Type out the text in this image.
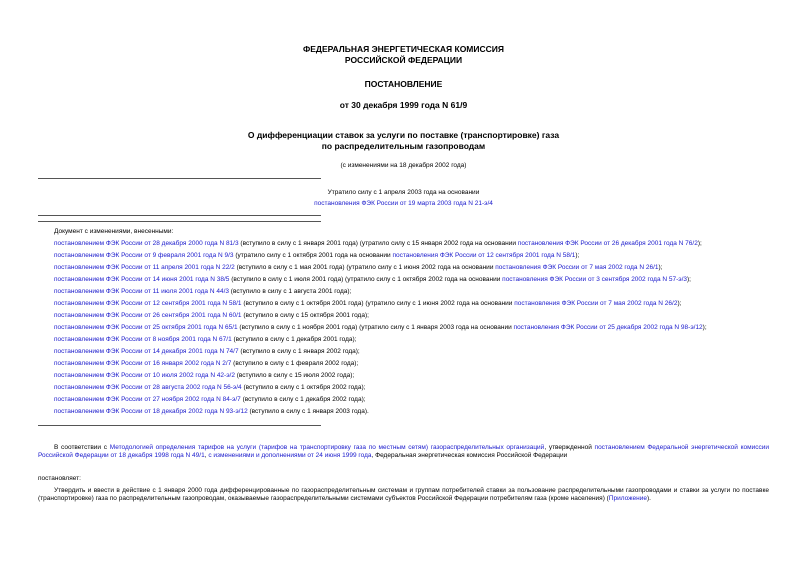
ФЕДЕРАЛЬНАЯ ЭНЕРГЕТИЧЕСКАЯ КОМИССИЯ
РОССИЙСКОЙ ФЕДЕРАЦИИ
ПОСТАНОВЛЕНИЕ
от 30 декабря 1999 года N 61/9
О дифференциации ставок за услуги по поставке (транспортировке) газа
по распределительным газопроводам
(с изменениями на 18 декабря 2002 года)
Утратило силу с 1 апреля 2003 года на основании
постановления ФЭК России от 19 марта 2003 года N 21-э/4
Документ с изменениями, внесенными:
постановлением ФЭК России от 28 декабря 2000 года N 81/3 (вступило в силу с 1 января 2001 года) (утратило силу с 15 января 2002 года на основании постановления ФЭК России от 26 декабря 2001 года N 76/2);
постановлением ФЭК России от 9 февраля 2001 года N 9/3 (утратило силу с 1 октября 2001 года на основании постановления ФЭК России от 12 сентября 2001 года N 58/1);
постановлением ФЭК России от 11 апреля 2001 года N 22/2 (вступило в силу с 1 мая 2001 года) (утратило силу с 1 июня 2002 года на основании постановления ФЭК России от 7 мая 2002 года N 26/1);
постановлением ФЭК России от 14 июня 2001 года N 38/5 (вступило в силу с 1 июля 2001 года) (утратило силу с 1 октября 2002 года на основании постановления ФЭК России от 3 сентября 2002 года N 57-э/3);
постановлением ФЭК России от 11 июля 2001 года N 44/3 (вступило в силу с 1 августа 2001 года);
постановлением ФЭК России от 12 сентября 2001 года N 58/1 (вступило в силу с 1 октября 2001 года) (утратило силу с 1 июня 2002 года на основании постановления ФЭК России от 7 мая 2002 года N 26/2);
постановлением ФЭК России от 26 сентября 2001 года N 60/1 (вступило в силу с 15 октября 2001 года);
постановлением ФЭК России от 25 октября 2001 года N 65/1 (вступило в силу с 1 ноября 2001 года) (утратило силу с 1 января 2003 года на основании постановления ФЭК России от 25 декабря 2002 года N 98-э/12);
постановлением ФЭК России от 8 ноября 2001 года N 67/1 (вступило в силу с 1 декабря 2001 года);
постановлением ФЭК России от 14 декабря 2001 года N 74/7 (вступило в силу с 1 января 2002 года);
постановлением ФЭК России от 16 января 2002 года N 2/7 (вступило в силу с 1 февраля 2002 года);
постановлением ФЭК России от 10 июля 2002 года N 42-э/2 (вступило в силу с 15 июля 2002 года);
постановлением ФЭК России от 28 августа 2002 года N 56-э/4 (вступило в силу с 1 октября 2002 года);
постановлением ФЭК России от 27 ноября 2002 года N 84-э/7 (вступило в силу с 1 декабря 2002 года);
постановлением ФЭК России от 18 декабря 2002 года N 93-э/12 (вступило в силу с 1 января 2003 года).
В соответствии с Методологией определения тарифов на услуги (тарифов на транспортировку газа по местным сетям) газораспределительных организаций, утвержденной постановлением Федеральной энергетической комиссии Российской Федерации от 18 декабря 1998 года N 49/1, с изменениями и дополнениями от 24 июня 1999 года, Федеральная энергетическая комиссия Российской Федерации
постановляет:
Утвердить и ввести в действие с 1 января 2000 года дифференцированные по газораспределительным системам и группам потребителей ставки за пользование распределительными газопроводами и ставки за услуги по поставке (транспортировке) газа по распределительным газопроводам, оказываемые газораспределительными системами субъектов Российской Федерации потребителям газа (кроме населения) (Приложение).
